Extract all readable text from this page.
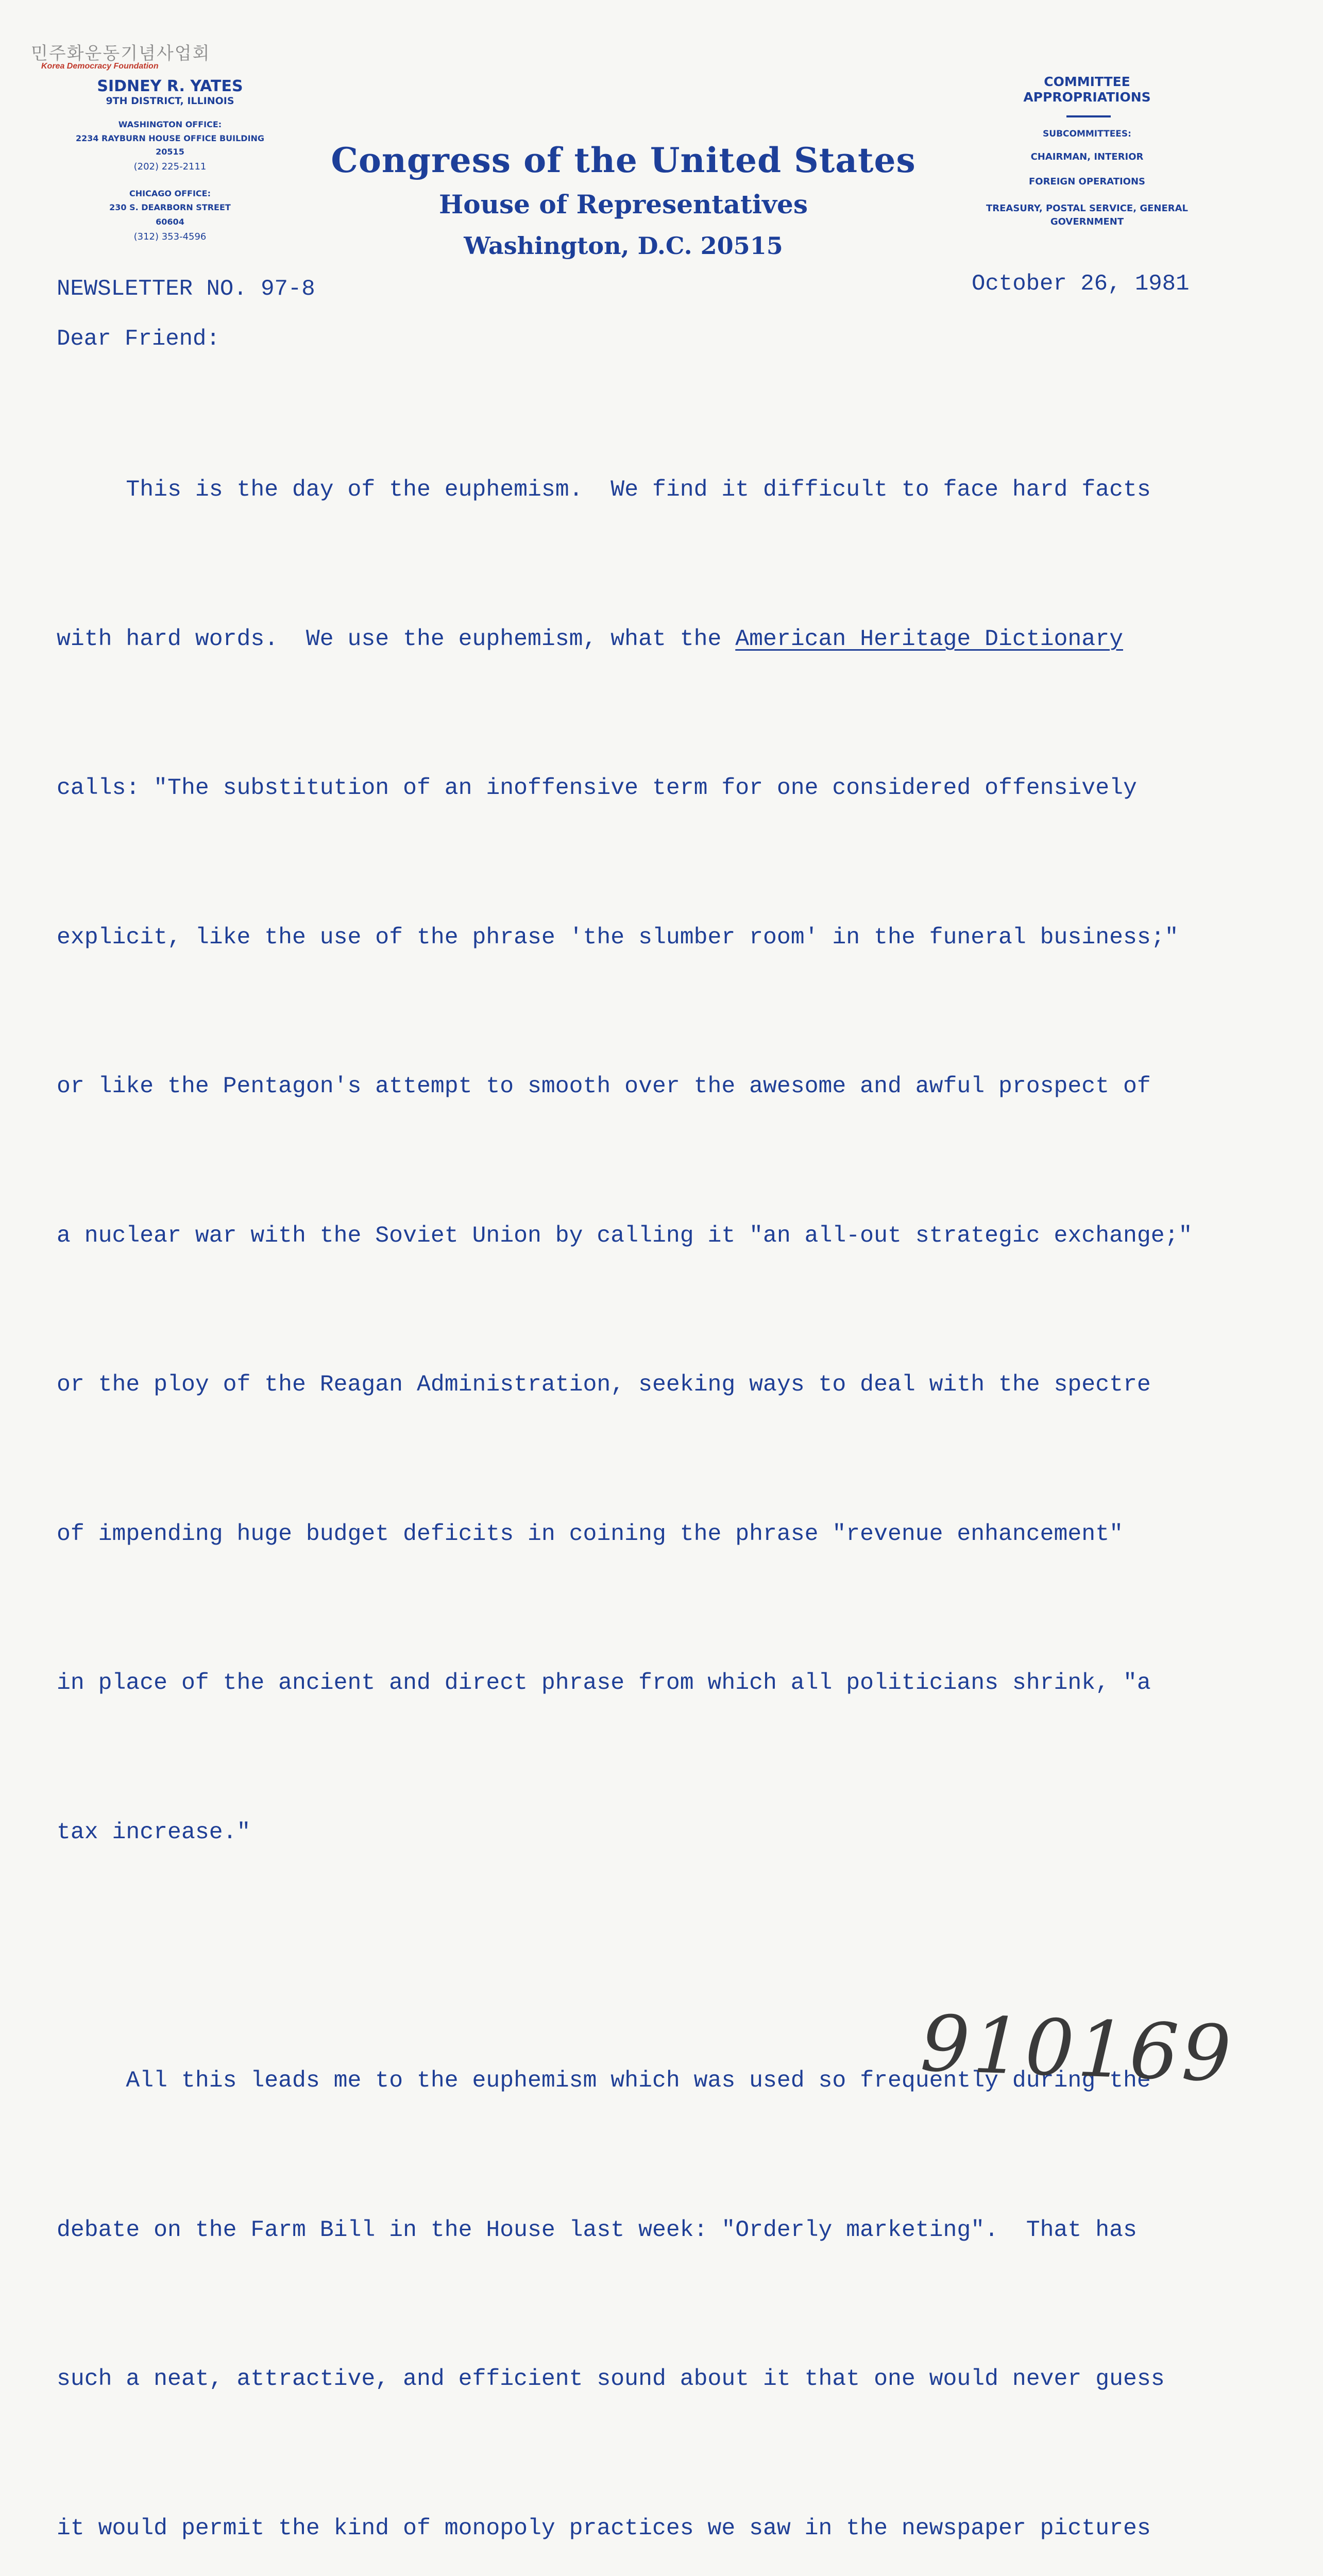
민주화운동기념사업회
Korea Democracy Foundation
SIDNEY R. YATES
9TH DISTRICT, ILLINOIS
WASHINGTON OFFICE:
2234 RAYBURN HOUSE OFFICE BUILDING
20515
(202) 225-2111
CHICAGO OFFICE:
230 S. DEARBORN STREET
60604
(312) 353-4596
Congress of the United States
House of Representatives
Washington, D.C. 20515
COMMITTEE
APPROPRIATIONS
SUBCOMMITTEES:
CHAIRMAN, INTERIOR
FOREIGN OPERATIONS
TREASURY, POSTAL SERVICE, GENERAL
GOVERNMENT
NEWSLETTER NO. 97-8	October 26, 1981
Dear Friend:

This is the day of the euphemism.  We find it difficult to face hard facts

with hard words.  We use the euphemism, what the American Heritage Dictionary

calls: "The substitution of an inoffensive term for one considered offensively

explicit, like the use of the phrase 'the slumber room' in the funeral business;"

or like the Pentagon's attempt to smooth over the awesome and awful prospect of

a nuclear war with the Soviet Union by calling it "an all-out strategic exchange;"

or the ploy of the Reagan Administration, seeking ways to deal with the spectre

of impending huge budget deficits in coining the phrase "revenue enhancement"

in place of the ancient and direct phrase from which all politicians shrink, "a

tax increase."

All this leads me to the euphemism which was used so frequently during the

debate on the Farm Bill in the House last week: "Orderly marketing".  That has

such a neat, attractive, and efficient sound about it that one would never guess

it would permit the kind of monopoly practices we saw in the newspaper pictures

910169
